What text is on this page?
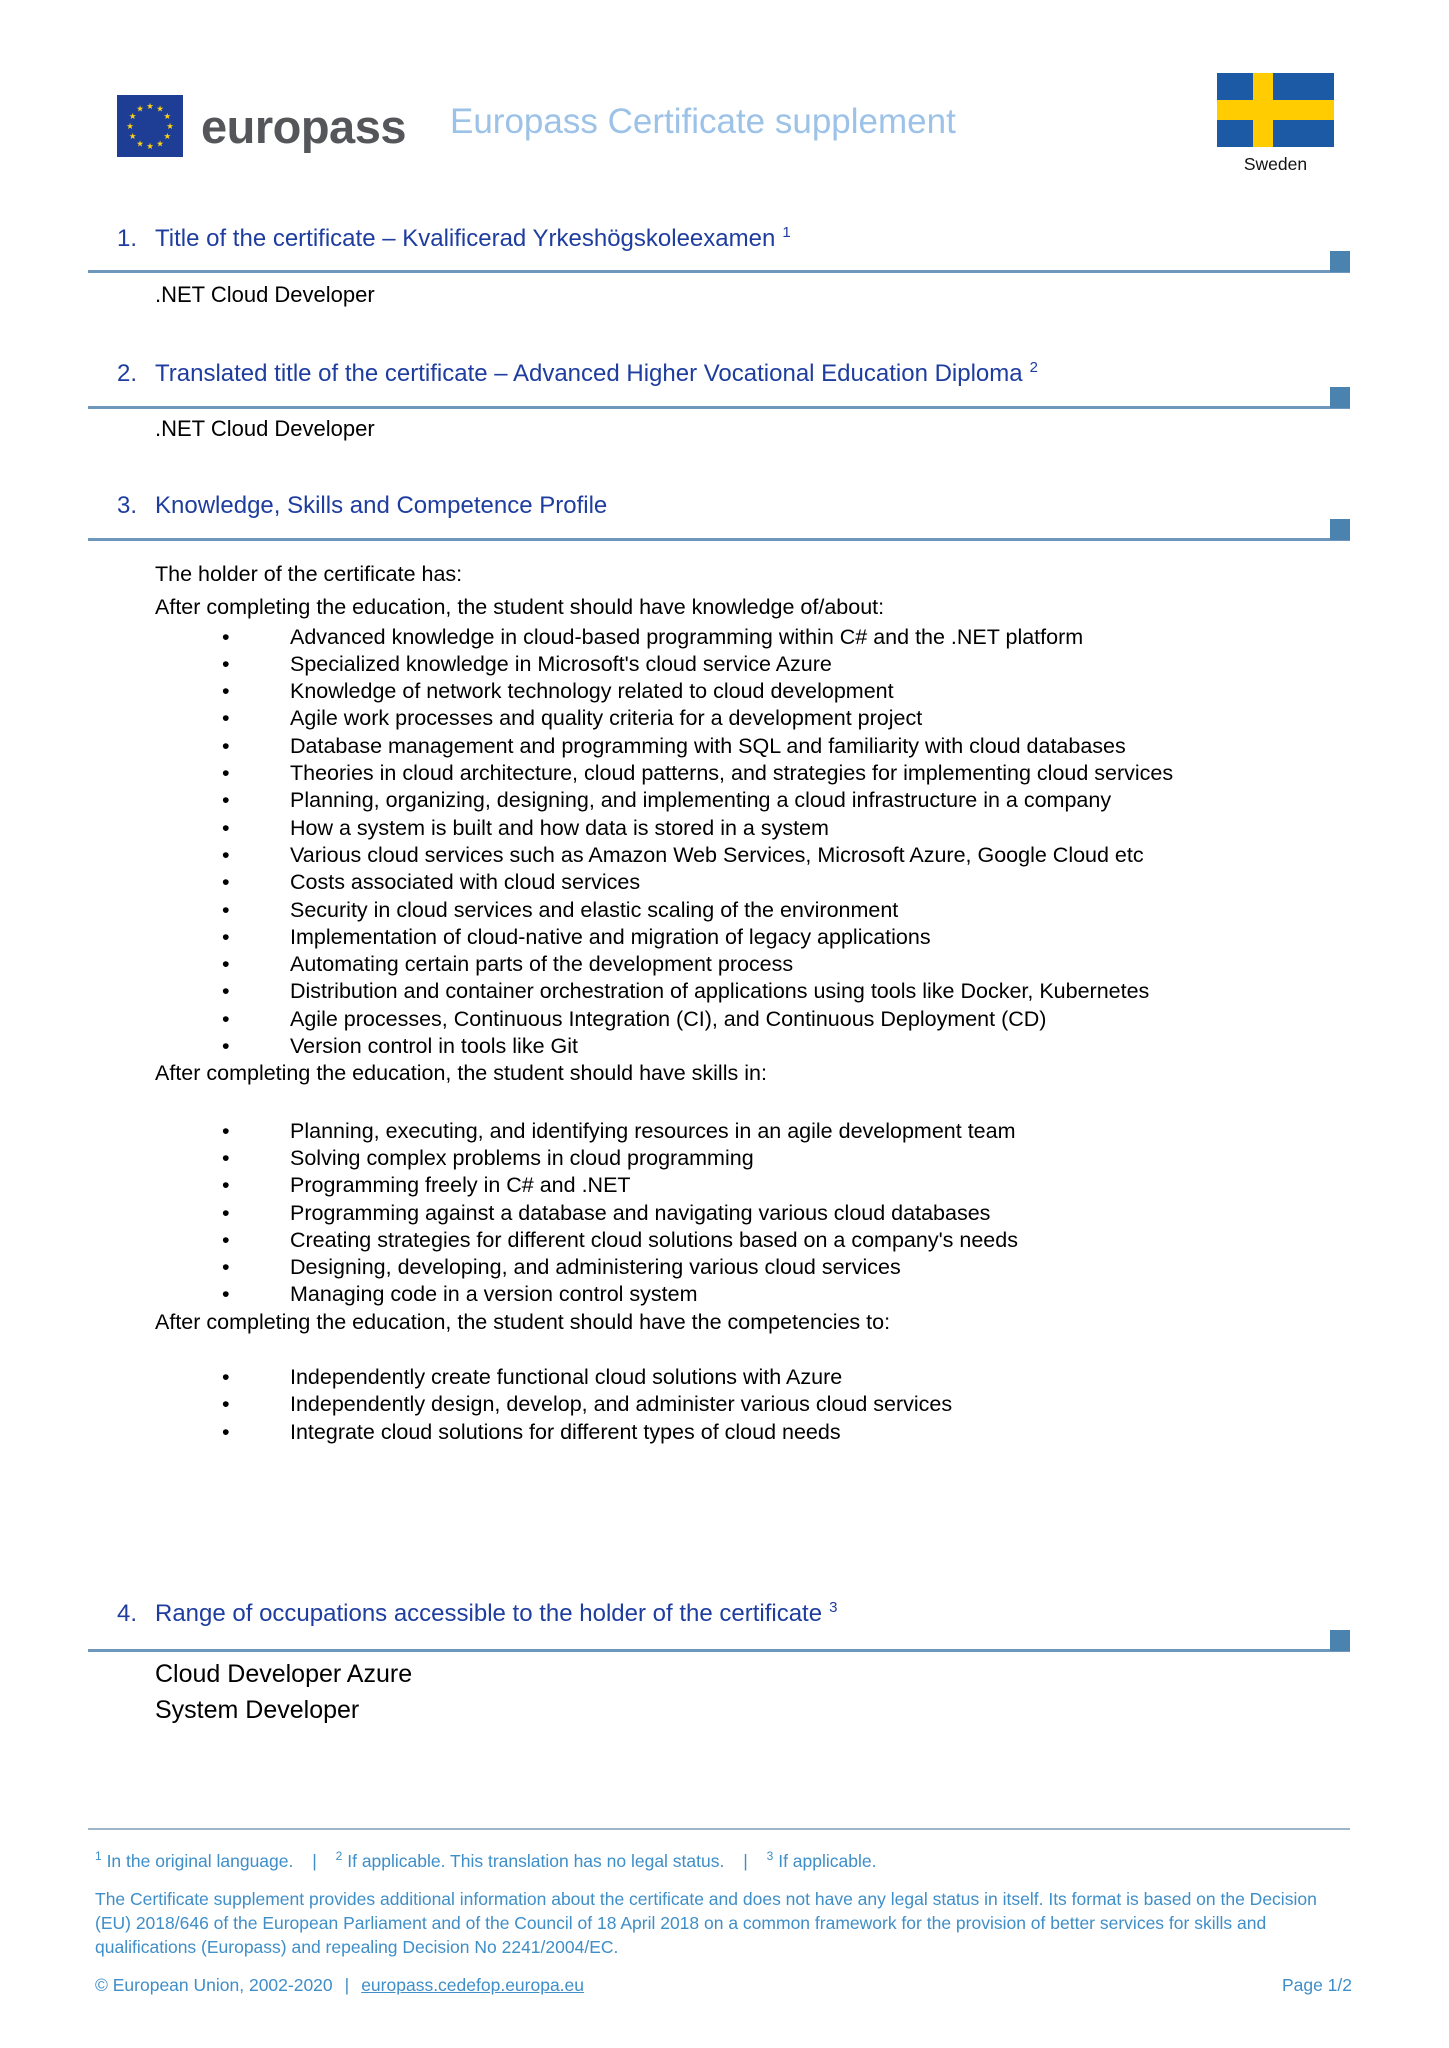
★ ★
★
★
★
★
★
★
★
★
★
★ europass Europass Certificate supplement
Sweden
1. Title of the certificate – Kvalificerad Yrkeshögskoleexamen $^1$

.NET Cloud Developer

2. Translated title of the certificate – Advanced Higher Vocational Education Diploma $^2$

.NET Cloud Developer

3. Knowledge, Skills and Competence Profile

The holder of the certificate has:

After completing the education, the student should have knowledge of/about:

• Advanced knowledge in cloud-based programming within C# and the .NET platform
• Specialized knowledge in Microsoft's cloud service Azure
• Knowledge of network technology related to cloud development
• Agile work processes and quality criteria for a development project
• Database management and programming with SQL and familiarity with cloud databases
• Theories in cloud architecture, cloud patterns, and strategies for implementing cloud services
• Planning, organizing, designing, and implementing a cloud infrastructure in a company
• How a system is built and how data is stored in a system
• Various cloud services such as Amazon Web Services, Microsoft Azure, Google Cloud etc
• Costs associated with cloud services
• Security in cloud services and elastic scaling of the environment
• Implementation of cloud-native and migration of legacy applications
• Automating certain parts of the development process
• Distribution and container orchestration of applications using tools like Docker, Kubernetes
• Agile processes, Continuous Integration (CI), and Continuous Deployment (CD)
• Version control in tools like Git

After completing the education, the student should have skills in:

• Planning, executing, and identifying resources in an agile development team
• Solving complex problems in cloud programming
• Programming freely in C# and .NET
• Programming against a database and navigating various cloud databases
• Creating strategies for different cloud solutions based on a company's needs
• Designing, developing, and administering various cloud services
• Managing code in a version control system

After completing the education, the student should have the competencies to:

• Independently create functional cloud solutions with Azure
• Independently design, develop, and administer various cloud services
• Integrate cloud solutions for different types of cloud needs
4. Range of occupations accessible to the holder of the certificate $^3$
Cloud Developer Azure
System Developer
$^1$ In the original language. | $^2$ If applicable. This translation has no legal status. | $^3$ If applicable.

The Certificate supplement provides additional information about the certificate and does not have any legal status in itself. Its format is based on the Decision (EU) 2018/646 of the European Parliament and of the Council of 18 April 2018 on a common framework for the provision of better services for skills and qualifications (Europass) and repealing Decision No 2241/2004/EC.

© European Union, 2002-2020 | europass.cedefop.europa.eu	Page 1/2
